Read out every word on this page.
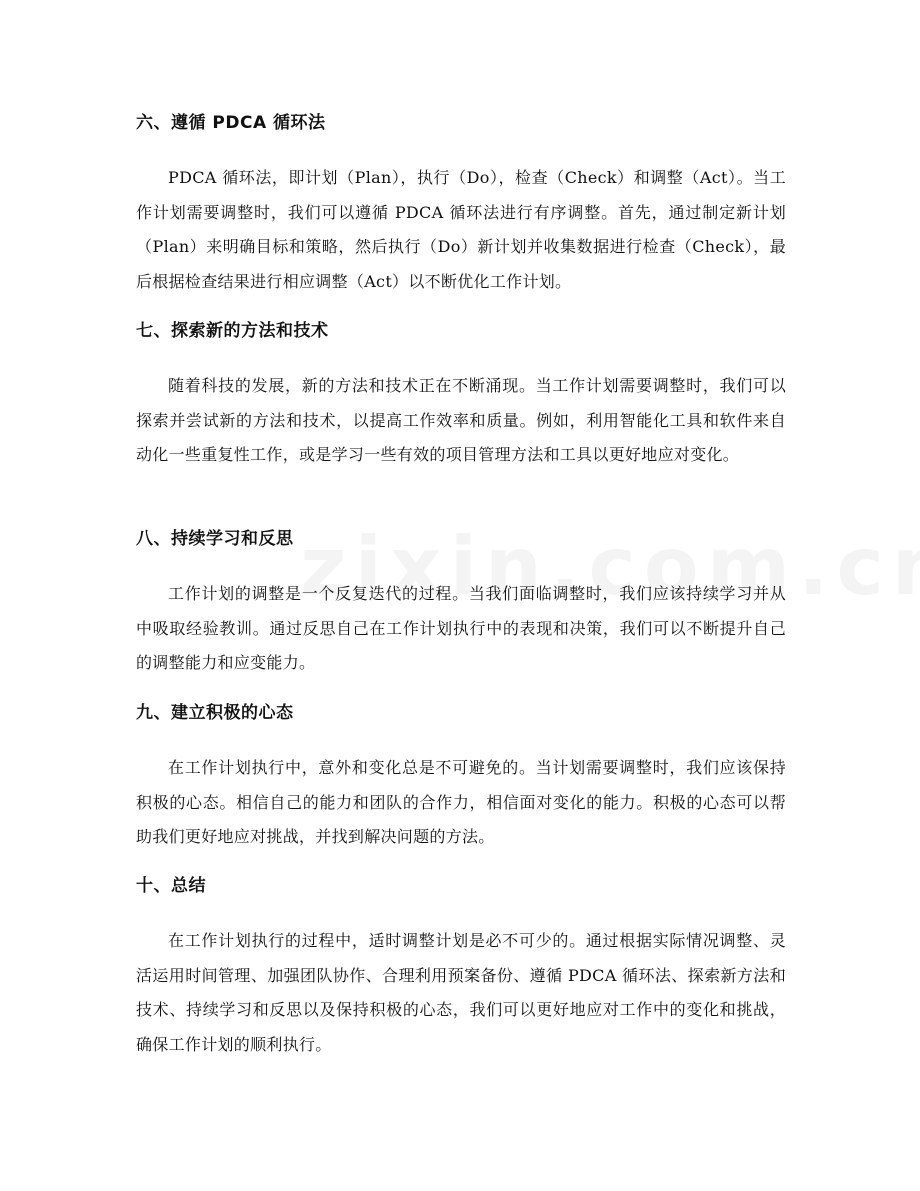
六、遵循 PDCA 循环法

PDCA 循环法，即计划（Plan），执行（Do），检查（Check）和调整（Act）。当工作计划需要调整时，我们可以遵循 PDCA 循环法进行有序调整。首先，通过制定新计划（Plan）来明确目标和策略，然后执行（Do）新计划并收集数据进行检查（Check），最后根据检查结果进行相应调整（Act）以不断优化工作计划。

七、探索新的方法和技术

随着科技的发展，新的方法和技术正在不断涌现。当工作计划需要调整时，我们可以探索并尝试新的方法和技术，以提高工作效率和质量。例如，利用智能化工具和软件来自动化一些重复性工作，或是学习一些有效的项目管理方法和工具以更好地应对变化。

八、持续学习和反思

工作计划的调整是一个反复迭代的过程。当我们面临调整时，我们应该持续学习并从中吸取经验教训。通过反思自己在工作计划执行中的表现和决策，我们可以不断提升自己的调整能力和应变能力。

九、建立积极的心态

在工作计划执行中，意外和变化总是不可避免的。当计划需要调整时，我们应该保持积极的心态。相信自己的能力和团队的合作力，相信面对变化的能力。积极的心态可以帮助我们更好地应对挑战，并找到解决问题的方法。

十、总结

在工作计划执行的过程中，适时调整计划是必不可少的。通过根据实际情况调整、灵活运用时间管理、加强团队协作、合理利用预案备份、遵循 PDCA 循环法、探索新方法和技术、持续学习和反思以及保持积极的心态，我们可以更好地应对工作中的变化和挑战，确保工作计划的顺利执行。
